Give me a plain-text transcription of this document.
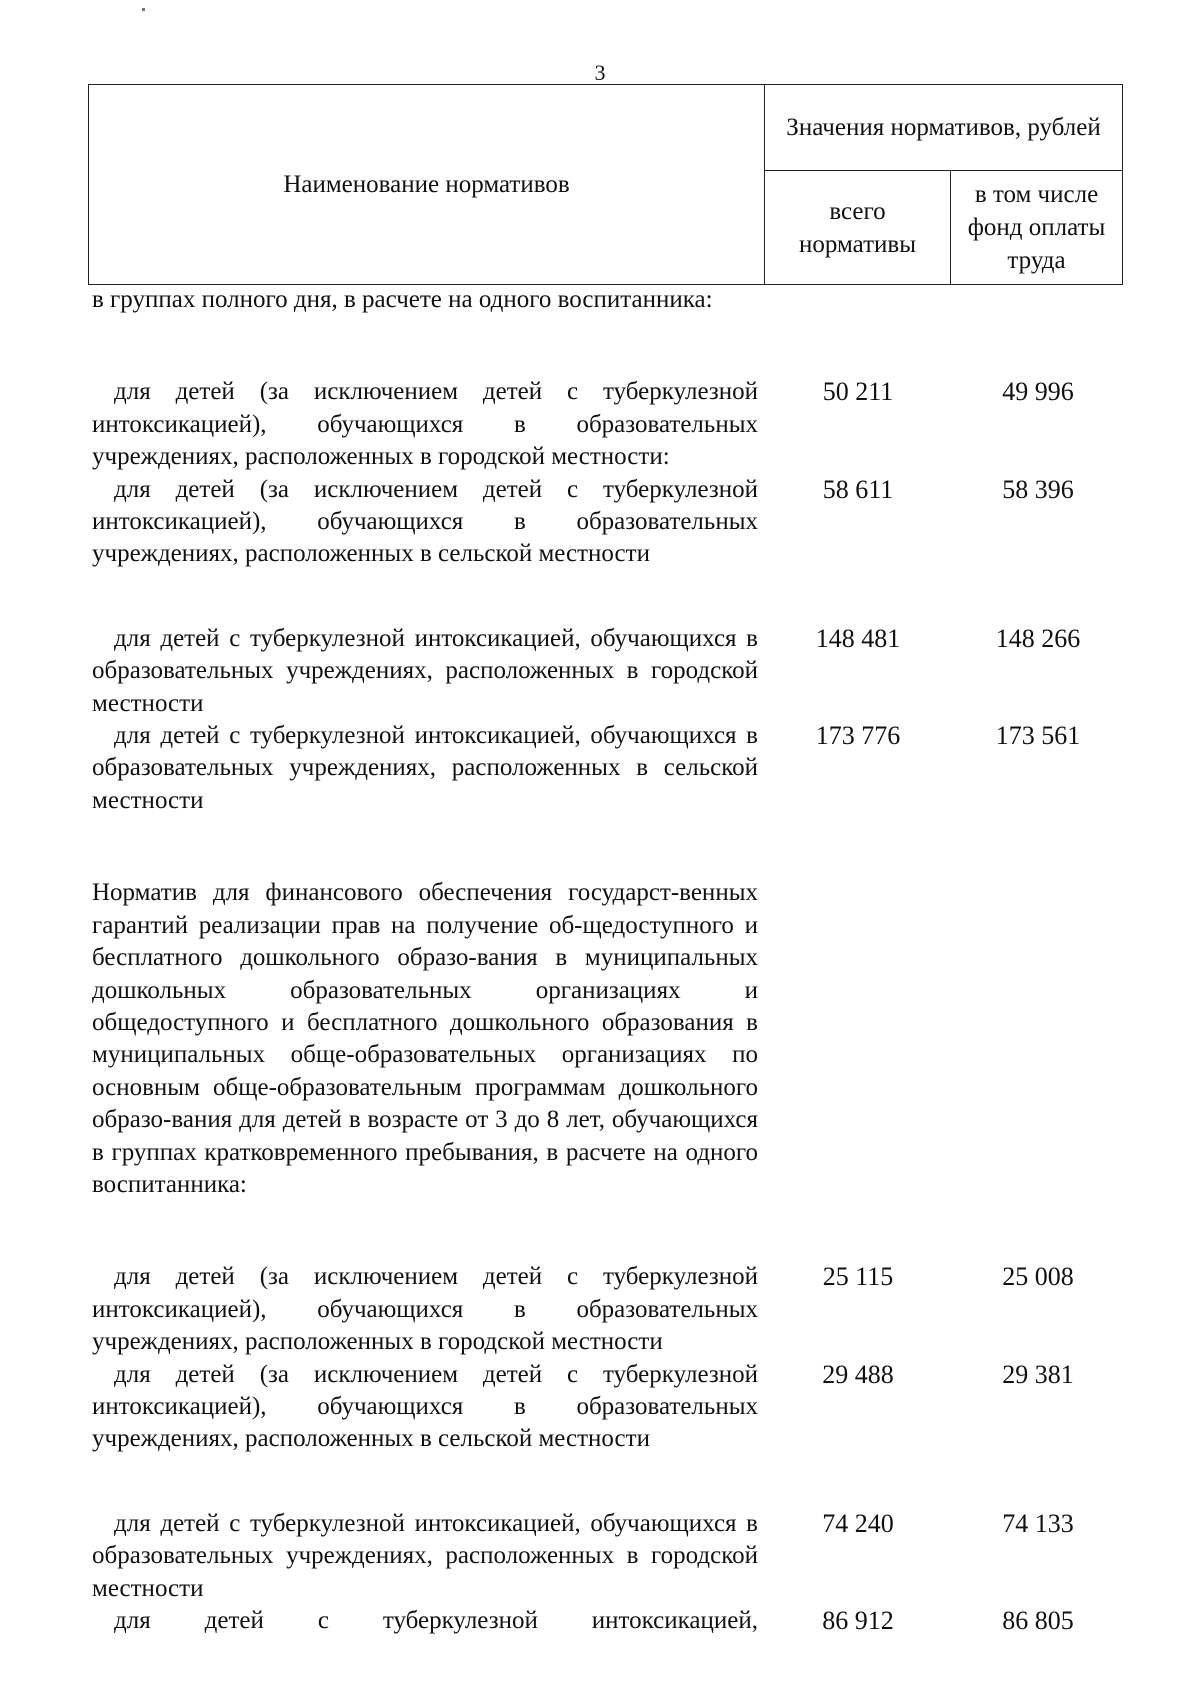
3
Наименование нормативов	Значения нормативов, рублей	
	всего нормативы	в том числе фонд оплаты труда
в группах полного дня, в расчете на одного воспитанника:
для детей (за исключением детей с туберкулезной интоксикацией), обучающихся в образовательных учреждениях, расположенных в городской местности:
50 211	49 996
для детей (за исключением детей с туберкулезной интоксикацией), обучающихся в образовательных учреждениях, расположенных в сельской местности
58 611	58 396
для детей с туберкулезной интоксикацией, обучающихся в образовательных учреждениях, расположенных в городской местности
148 481	148 266
для детей с туберкулезной интоксикацией, обучающихся в образовательных учреждениях, расположенных в сельской местности
173 776	173 561
Норматив для финансового обеспечения государст-венных гарантий реализации прав на получение об-щедоступного и бесплатного дошкольного образо-вания в муниципальных дошкольных образовательных организациях и общедоступного и бесплатного дошкольного образования в муниципальных обще-образовательных организациях по основным обще-образовательным программам дошкольного образо-вания для детей в возрасте от 3 до 8 лет, обучающихся в группах кратковременного пребывания, в расчете на одного воспитанника:
для детей (за исключением детей с туберкулезной интоксикацией), обучающихся в образовательных учреждениях, расположенных в городской местности
25 115	25 008
для детей (за исключением детей с туберкулезной интоксикацией), обучающихся в образовательных учреждениях, расположенных в сельской местности
29 488	29 381
для детей с туберкулезной интоксикацией, обучающихся в образовательных учреждениях, расположенных в городской местности
74 240	74 133
для детей с туберкулезной интоксикацией,	86 912	86 805
